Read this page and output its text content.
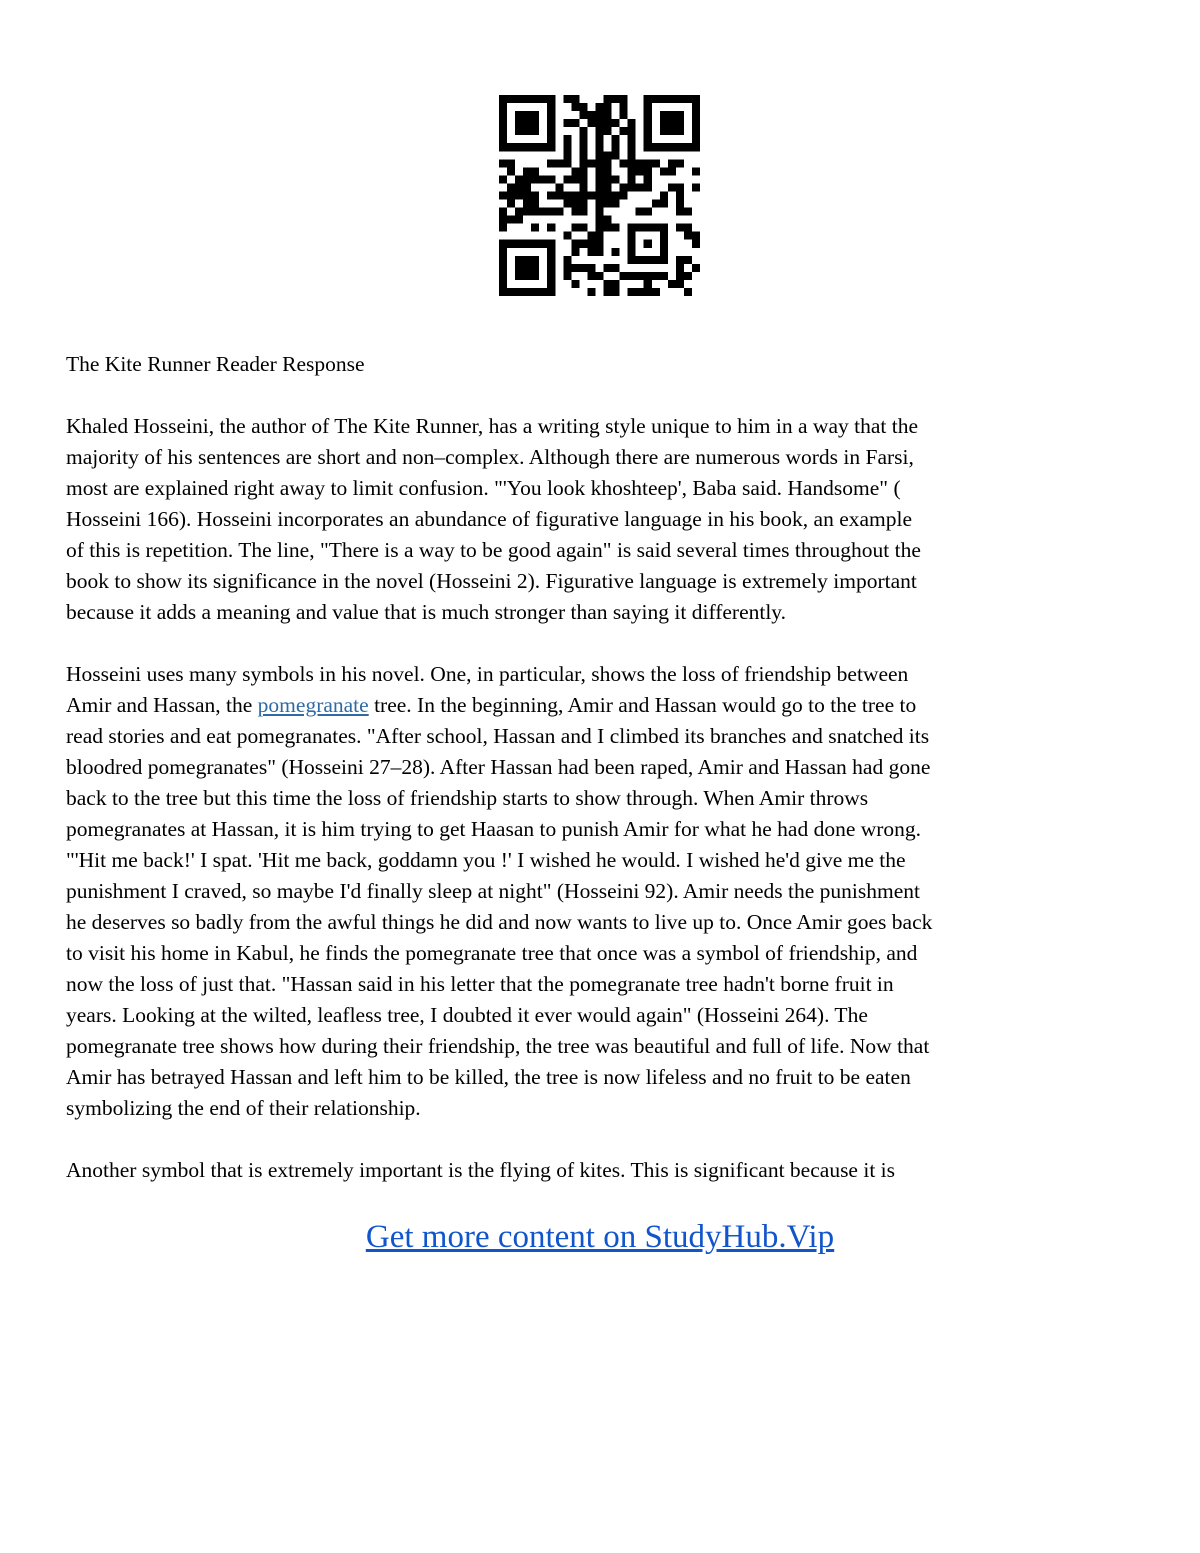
The Kite Runner Reader Response
Khaled Hosseini, the author of The Kite Runner, has a writing style unique to him in a way that the
majority of his sentences are short and non–complex. Although there are numerous words in Farsi,
most are explained right away to limit confusion. "'You look khoshteep', Baba said. Handsome" (
Hosseini 166). Hosseini incorporates an abundance of figurative language in his book, an example
of this is repetition. The line, "There is a way to be good again" is said several times throughout the
book to show its significance in the novel (Hosseini 2). Figurative language is extremely important
because it adds a meaning and value that is much stronger than saying it differently.
Hosseini uses many symbols in his novel. One, in particular, shows the loss of friendship between
Amir and Hassan, the pomegranate tree. In the beginning, Amir and Hassan would go to the tree to
read stories and eat pomegranates. "After school, Hassan and I climbed its branches and snatched its
bloodred pomegranates" (Hosseini 27–28). After Hassan had been raped, Amir and Hassan had gone
back to the tree but this time the loss of friendship starts to show through. When Amir throws
pomegranates at Hassan, it is him trying to get Haasan to punish Amir for what he had done wrong.
"'Hit me back!' I spat. 'Hit me back, goddamn you !' I wished he would. I wished he'd give me the
punishment I craved, so maybe I'd finally sleep at night" (Hosseini 92). Amir needs the punishment
he deserves so badly from the awful things he did and now wants to live up to. Once Amir goes back
to visit his home in Kabul, he finds the pomegranate tree that once was a symbol of friendship, and
now the loss of just that. "Hassan said in his letter that the pomegranate tree hadn't borne fruit in
years. Looking at the wilted, leafless tree, I doubted it ever would again" (Hosseini 264). The
pomegranate tree shows how during their friendship, the tree was beautiful and full of life. Now that
Amir has betrayed Hassan and left him to be killed, the tree is now lifeless and no fruit to be eaten
symbolizing the end of their relationship.
Another symbol that is extremely important is the flying of kites. This is significant because it is
Get more content on StudyHub.Vip
